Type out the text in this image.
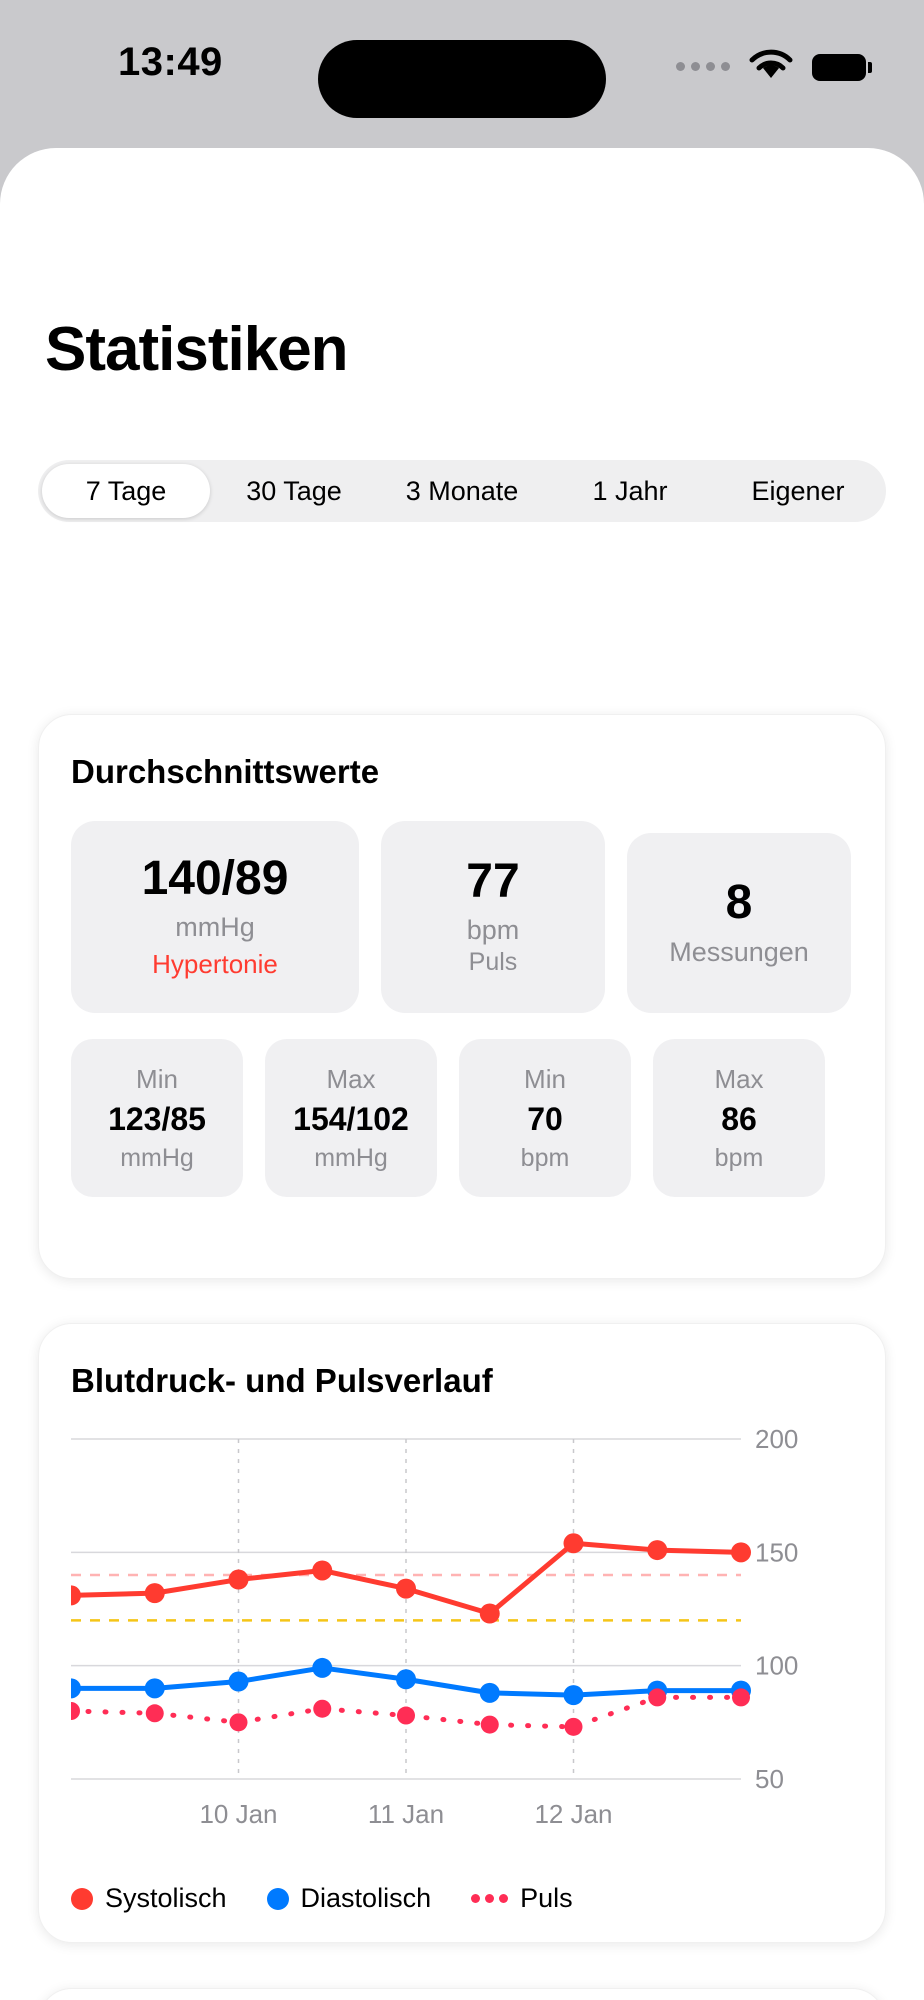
13:49
Statistiken
7 Tage	30 Tage	3 Monate	1 Jahr	Eigener
Durchschnittswerte
140/89
mmHg
Hypertonie
77
bpm
Puls
8
Messungen
Min
123/85
mmHg
Max
154/102
mmHg
Min
70
bpm
Max
86
bpm
Blutdruck- und Pulsverlauf
50
100
150
200
10 Jan	11 Jan	12 Jan
Systolisch	Diastolisch	Puls
